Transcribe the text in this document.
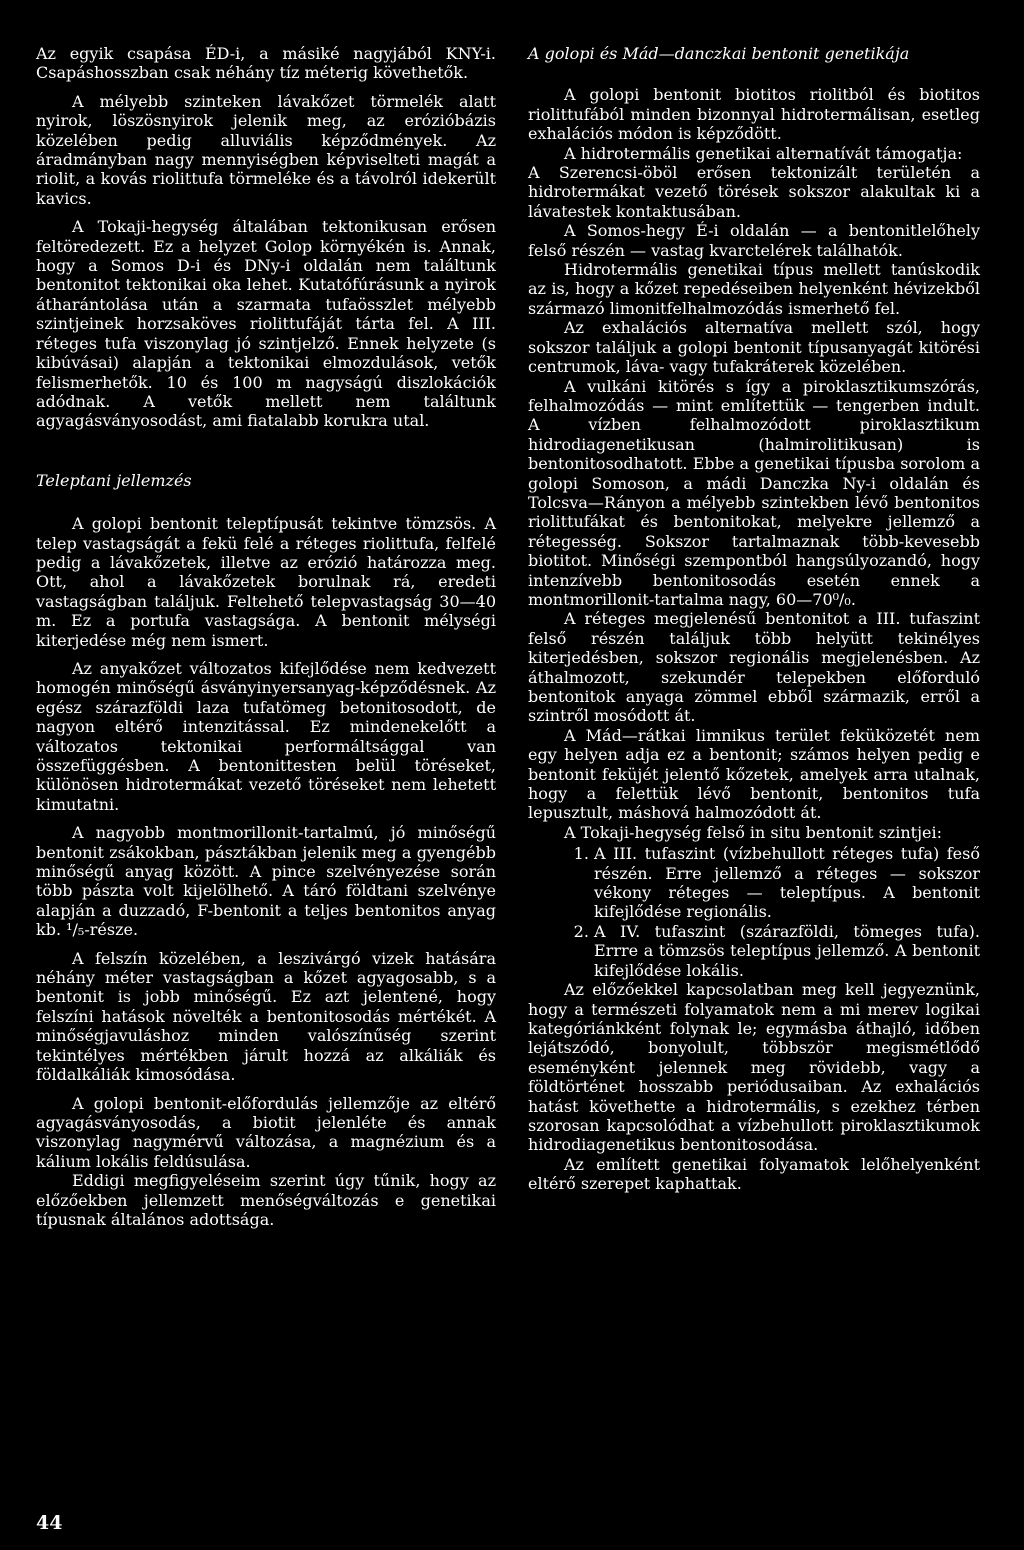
Az egyik csapása ÉD-i, a másiké nagyjából KNY-i. Csapáshosszban csak néhány tíz méterig követhetők.

A mélyebb szinteken lávakőzet törmelék alatt nyirok, löszösnyirok jelenik meg, az erózióbázis közelében pedig alluviális képződmények. Az áradmányban nagy mennyiségben képviselteti magát a riolit, a kovás riolittufa törmeléke és a távolról idekerült kavics.

A Tokaji-hegység általában tektonikusan erősen feltöredezett. Ez a helyzet Golop környékén is. Annak, hogy a Somos D-i és DNy-i oldalán nem találtunk bentonitot tektonikai oka lehet. Kutatófúrásunk a nyirok átharántolása után a szarmata tufaösszlet mélyebb szintjeinek horzsaköves riolittufáját tárta fel. A III. réteges tufa viszonylag jó szintjelző. Ennek helyzete (s kibúvásai) alapján a tektonikai elmozdulások, vetők felismerhetők. 10 és 100 m nagyságú diszlokációk adódnak. A vetők mellett nem találtunk agyagásványosodást, ami fiatalabb korukra utal.

Teleptani jellemzés

A golopi bentonit teleptípusát tekintve tömzsös. A telep vastagságát a fekü felé a réteges riolittufa, felfelé pedig a lávakőzetek, illetve az erózió határozza meg. Ott, ahol a lávakőzetek borulnak rá, eredeti vastagságban találjuk. Feltehető telepvastagság 30—40 m. Ez a portufa vastagsága. A bentonit mélységi kiterjedése még nem ismert.

Az anyakőzet változatos kifejlődése nem kedvezett homogén minőségű ásványinyersanyag-képződésnek. Az egész szárazföldi laza tufatömeg betonitosodott, de nagyon eltérő intenzitással. Ez mindenekelőtt a változatos tektonikai performáltsággal van összefüggésben. A bentonittesten belül töréseket, különösen hidrotermákat vezető töréseket nem lehetett kimutatni.

A nagyobb montmorillonit-tartalmú, jó minőségű bentonit zsákokban, pásztákban jelenik meg a gyengébb minőségű anyag között. A pince szelvényezése során több pászta volt kijelölhető. A táró földtani szelvénye alapján a duzzadó, F-bentonit a teljes bentonitos anyag kb. ¹/₅-része.

A felszín közelében, a leszivárgó vizek hatására néhány méter vastagságban a kőzet agyagosabb, s a bentonit is jobb minőségű. Ez azt jelentené, hogy felszíni hatások növelték a bentonitosodás mértékét. A minőségjavuláshoz minden valószínűség szerint tekintélyes mértékben járult hozzá az alkáliák és földalkáliák kimosódása.

A golopi bentonit-előfordulás jellemzője az eltérő agyagásványosodás, a biotit jelenléte és annak viszonylag nagymérvű változása, a magnézium és a kálium lokális feldúsulása.

Eddigi megfigyeléseim szerint úgy tűnik, hogy az előzőekben jellemzett menőségváltozás e genetikai típusnak általános adottsága.

A golopi és Mád—danczkai bentonit genetikája

A golopi bentonit biotitos riolitból és biotitos riolittufából minden bizonnyal hidrotermálisan, esetleg exhalációs módon is képződött.

A hidrotermális genetikai alternatívát támogatja:

A Szerencsi-öböl erősen tektonizált területén a hidrotermákat vezető törések sokszor alakultak ki a lávatestek kontaktusában.

A Somos-hegy É-i oldalán — a bentonitlelőhely felső részén — vastag kvarctelérek találhatók.

Hidrotermális genetikai típus mellett tanúskodik az is, hogy a kőzet repedéseiben helyenként hévizekből származó limonitfelhalmozódás ismerhető fel.

Az exhalációs alternatíva mellett szól, hogy sokszor találjuk a golopi bentonit típusanyagát kitörési centrumok, láva- vagy tufakráterek közelében.

A vulkáni kitörés s így a piroklasztikumszórás, felhalmozódás — mint említettük — tengerben indult. A vízben felhalmozódott piroklasztikum hidrodiagenetikusan (halmirolitikusan) is bentonitosodhatott. Ebbe a genetikai típusba sorolom a golopi Somoson, a mádi Danczka Ny-i oldalán és Tolcsva—Rányon a mélyebb szintekben lévő bentonitos riolittufákat és bentonitokat, melyekre jellemző a rétegesség. Sokszor tartalmaznak több-kevesebb biotitot. Minőségi szempontból hangsúlyozandó, hogy intenzívebb bentonitosodás esetén ennek a montmorillonit-tartalma nagy, 60—70⁰/₀.

A réteges megjelenésű bentonitot a III. tufaszint felső részén találjuk több helyütt tekinélyes kiterjedésben, sokszor regionális megjelenésben. Az áthalmozott, szekundér telepekben előforduló bentonitok anyaga zömmel ebből származik, erről a szintről mosódott át.

A Mád—rátkai limnikus terület feküközetét nem egy helyen adja ez a bentonit; számos helyen pedig e bentonit feküjét jelentő kőzetek, amelyek arra utalnak, hogy a felettük lévő bentonit, bentonitos tufa lepusztult, máshová halmozódott át.

A Tokaji-hegység felső in situ bentonit szintjei:

1. A III. tufaszint (vízbehullott réteges tufa) feső részén. Erre jellemző a réteges — sokszor vékony réteges — teleptípus. A bentonit kifejlődése regionális.
2. A IV. tufaszint (szárazföldi, tömeges tufa). Errre a tömzsös teleptípus jellemző. A bentonit kifejlődése lokális.

Az előzőekkel kapcsolatban meg kell jegyeznünk, hogy a természeti folyamatok nem a mi merev logikai kategóriánkként folynak le; egymásba áthajló, időben lejátszódó, bonyolult, többször megismétlődő eseményként jelennek meg rövidebb, vagy a földtörténet hosszabb periódusaiban. Az exhalációs hatást követhette a hidrotermális, s ezekhez térben szorosan kapcsolódhat a vízbehullott piroklasztikumok hidrodiagenetikus bentonitosodása.

Az említett genetikai folyamatok lelőhelyenként eltérő szerepet kaphattak.

44
